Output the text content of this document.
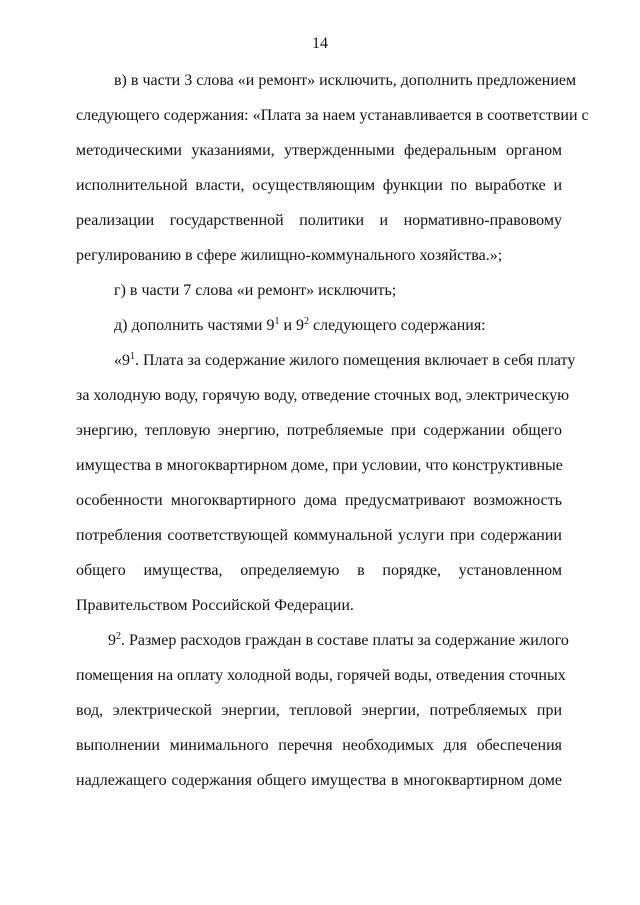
14
в) в части 3 слова «и ремонт» исключить, дополнить предложением
следующего содержания: «Плата за наем устанавливается в соответствии с
методическими указаниями, утвержденными федеральным органом
исполнительной власти, осуществляющим функции по выработке и
реализации государственной политики и нормативно-правовому
регулированию в сфере жилищно-коммунального хозяйства.»;
г) в части 7 слова «и ремонт» исключить;
д) дополнить частями $9^1$ и $9^2$ следующего содержания:
«$9^1$. Плата за содержание жилого помещения включает в себя плату
за холодную воду, горячую воду, отведение сточных вод, электрическую
энергию, тепловую энергию, потребляемые при содержании общего
имущества в многоквартирном доме, при условии, что конструктивные
особенности многоквартирного дома предусматривают возможность
потребления соответствующей коммунальной услуги при содержании
общего имущества, определяемую в порядке, установленном
Правительством Российской Федерации.
$9^2$. Размер расходов граждан в составе платы за содержание жилого
помещения на оплату холодной воды, горячей воды, отведения сточных
вод, электрической энергии, тепловой энергии, потребляемых при
выполнении минимального перечня необходимых для обеспечения
надлежащего содержания общего имущества в многоквартирном доме
